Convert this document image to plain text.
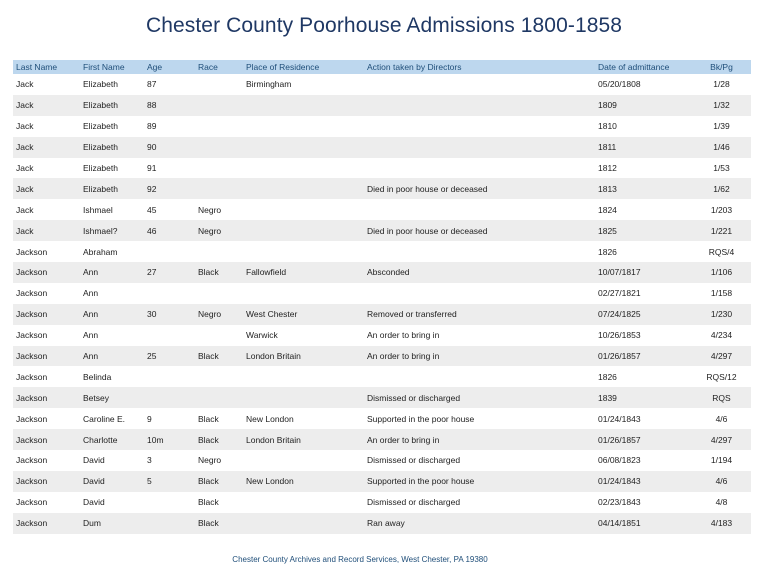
Chester County Poorhouse Admissions 1800-1858
Last Name	First Name	Age	Race	Place of Residence	Action taken by Directors	Date of admittance	Bk/Pg
Jack	Elizabeth	87		Birmingham		05/20/1808	1/28
Jack	Elizabeth	88				1809	1/32
Jack	Elizabeth	89				1810	1/39
Jack	Elizabeth	90				1811	1/46
Jack	Elizabeth	91				1812	1/53
Jack	Elizabeth	92			Died in poor house or deceased	1813	1/62
Jack	Ishmael	45	Negro			1824	1/203
Jack	Ishmael?	46	Negro		Died in poor house or deceased	1825	1/221
Jackson	Abraham					1826	RQS/4
Jackson	Ann	27	Black	Fallowfield	Absconded	10/07/1817	1/106
Jackson	Ann					02/27/1821	1/158
Jackson	Ann	30	Negro	West Chester	Removed or transferred	07/24/1825	1/230
Jackson	Ann			Warwick	An order to bring in	10/26/1853	4/234
Jackson	Ann	25	Black	London Britain	An order to bring in	01/26/1857	4/297
Jackson	Belinda					1826	RQS/12
Jackson	Betsey				Dismissed or discharged	1839	RQS
Jackson	Caroline E.	9	Black	New London	Supported in the poor house	01/24/1843	4/6
Jackson	Charlotte	10m	Black	London Britain	An order to bring in	01/26/1857	4/297
Jackson	David	3	Negro		Dismissed or discharged	06/08/1823	1/194
Jackson	David	5	Black	New London	Supported in the poor house	01/24/1843	4/6
Jackson	David		Black		Dismissed or discharged	02/23/1843	4/8
Jackson	Dum		Black		Ran away	04/14/1851	4/183
Chester County Archives and Record Services, West Chester, PA 19380
